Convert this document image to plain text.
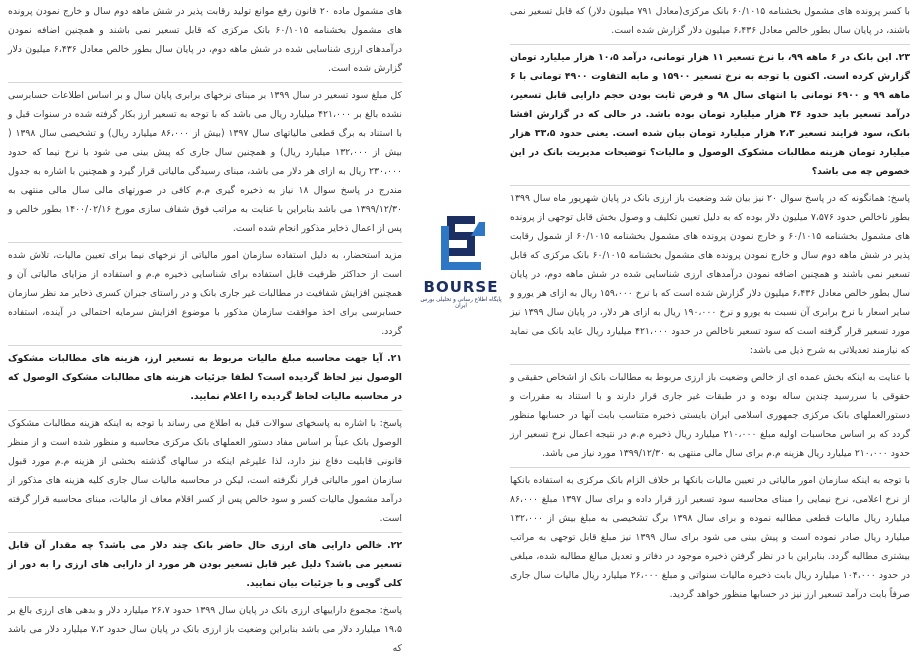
با کسر پرونده های مشمول بخشنامه ۶۰/۱۰۱۵ بانک مرکزی(معادل ۷۹۱ میلیون دلار) که قابل تسعیر نمی باشند، در پایان سال بطور خالص معادل ۶،۴۳۶ میلیون دلار گزارش شده است.

۲۳. این بانک در ۶ ماهه ۹۹، با نرخ تسعیر ۱۱ هزار تومانی، درآمد ۱۰،۵ هزار میلیارد تومان گزارش کرده است. اکنون با توجه به نرخ تسعیر ۱۵۹۰۰ و مابه التفاوت ۴۹۰۰ تومانی با ۶ ماهه ۹۹ و ۶۹۰۰ تومانی با انتهای سال ۹۸ و فرض ثابت بودن حجم دارایی قابل تسعیر، درآمد تسعیر باید حدود ۳۶ هزار میلیارد تومان بوده باشد. در حالی که در گزارش افشا بانک، سود فرایند تسعیر ۲،۳ هزار میلیارد تومان بیان شده است. یعنی حدود ۳۳،۵ هزار میلیارد تومان هزینه مطالبات مشکوک الوصول و مالیات؟ توضیحات مدیریت بانک در این خصوص چه می باشد؟

پاسخ: همانگونه که در پاسخ سوال ۲۰ نیز بیان شد وضعیت باز ارزی بانک در پایان شهریور ماه سال ۱۳۹۹ بطور ناخالص حدود ۷،۵۷۶ میلیون دلار بوده که به دلیل تعیین تکلیف و وصول بخش قابل توجهی از پرونده های مشمول بخشنامه ۶۰/۱۰۱۵ و خارج نمودن پرونده های مشمول بخشنامه ۶۰/۱۰۱۵ از شمول رقابت پذیر در شش ماهه دوم سال و خارج نمودن پرونده های مشمول بخشنامه ۶۰/۱۰۱۵ بانک مرکزی که قابل تسعیر نمی باشند و همچنین اضافه نمودن درآمدهای ارزی شناسایی شده در شش ماهه دوم، در پایان سال بطور خالص معادل ۶،۴۳۶ میلیون دلار گزارش شده است که با نرخ ۱۵۹،۰۰۰ ریال به ازای هر یورو و سایر اسعار با نرخ برابری آن نسبت به یورو و نرخ ۱۹۰،۰۰۰ ریال به ازای هر دلار، در پایان سال ۱۳۹۹ نیز مورد تسعیر قرار گرفته است که سود تسعیر ناخالص در حدود ۴۲۱،۰۰۰ میلیارد ریال عاید بانک می نماید که نیازمند تعدیلاتی به شرح ذیل می باشد:

با عنایت به اینکه بخش عمده ای از خالص وضعیت باز ارزی مربوط به مطالبات بانک از اشخاص حقیقی و حقوقی با سررسید چندین ساله بوده و در طبقات غیر جاری قرار دارند و با استناد به مقررات و دستورالعملهای بانک مرکزی جمهوری اسلامی ایران بایستی ذخیره متناسب بابت آنها در حسابها منظور گردد که بر اساس محاسبات اولیه مبلغ ۲۱۰،۰۰۰ میلیارد ریال ذخیره م.م در نتیجه اعمال نرخ تسعیر ارز حدود ۲۱۰،۰۰۰ میلیارد ریال هزینه م.م برای سال مالی منتهی به ۱۳۹۹/۱۲/۳۰ مورد نیاز می باشد.

با توجه به اینکه سازمان امور مالیاتی در تعیین مالیات بانکها بر خلاف الزام بانک مرکزی به استفاده بانکها از نرخ اعلامی، نرخ نیمایی را مبنای محاسبه سود تسعیر ارز قرار داده و برای سال ۱۳۹۷ مبلغ ۸۶،۰۰۰ میلیارد ریال مالیات قطعی مطالبه نموده و برای سال ۱۳۹۸ برگ تشخیصی به مبلغ بیش از ۱۳۲،۰۰۰ میلیارد ریال صادر نموده است و پیش بینی می شود برای سال ۱۳۹۹ نیز مبلغ قابل توجهی به مراتب بیشتری مطالبه گردد. بنابراین با در نظر گرفتن ذخیره موجود در دفاتر و تعدیل مبالغ مطالبه شده، مبلغی در حدود ۱۰۴،۰۰۰ میلیارد ریال بابت ذخیره مالیات سنواتی و مبلغ ۲۶،۰۰۰ میلیارد ریال مالیات سال جاری صرفاً بابت درآمد تسعیر ارز نیز در حسابها منظور خواهد گردید.

BOURSE
پایگاه اطلاع رسانی و تحلیلی بورس ایران

های مشمول ماده ۲۰ قانون رفع موانع تولید رقابت پذیر در شش ماهه دوم سال و خارج نمودن پرونده های مشمول بخشنامه ۶۰/۱۰۱۵ بانک مرکزی که قابل تسعیر نمی باشند و همچنین اضافه نمودن درآمدهای ارزی شناسایی شده در شش ماهه دوم، در پایان سال بطور خالص معادل ۶،۴۳۶ میلیون دلار گزارش شده است.

کل مبلغ سود تسعیر در سال ۱۳۹۹ بر مبنای نرخهای برابری پایان سال و بر اساس اطلاعات حسابرسی نشده بالغ بر ۴۲۱،۰۰۰ میلیارد ریال می باشد که با توجه به تسعیر ارز بکار گرفته شده در سنوات قبل و با استناد به برگ قطعی مالیاتهای سال ۱۳۹۷ (بیش از ۸۶،۰۰۰ میلیارد ریال) و تشخیصی سال ۱۳۹۸ ( بیش از ۱۳۲،۰۰۰ میلیارد ریال) و همچنین سال جاری که پیش بینی می شود با نرخ نیما که حدود ۲۳۰،۰۰۰ ریال به ازای هر دلار می باشد، مبنای رسیدگی مالیاتی قرار گیرد و همچنین با اشاره به جدول مندرج در پاسخ سوال ۱۸ نیاز به ذخیره گیری م.م کافی در صورتهای مالی سال مالی منتهی به ۱۳۹۹/۱۲/۳۰ می باشد بنابراین با عنایت به مراتب فوق شفاف سازی مورخ ۱۴۰۰/۰۲/۱۶ بطور خالص و پس از اعمال ذخایر مذکور انجام شده است.

مزید استحضار، به دلیل استفاده سازمان امور مالیاتی از نرخهای نیما برای تعیین مالیات، تلاش شده است از حداکثر ظرفیت قابل استفاده برای شناسایی ذخیره م.م و استفاده از مزایای مالیاتی آن و همچنین افزایش شفافیت در مطالبات غیر جاری بانک و در راستای جبران کسری ذخایر مد نظر سازمان حسابرسی برای اخذ موافقت سازمان مذکور با موضوع افزایش سرمایه احتمالی در آینده، استفاده گردد.

۲۱. آیا جهت محاسبه مبلغ مالیات مربوط به تسعیر ارز، هزینه های مطالبات مشکوک الوصول نیز لحاظ گردیده است؟ لطفا جزئیات هزینه های مطالبات مشکوک الوصول که در محاسبه مالیات لحاظ گردیده را اعلام نمایید.

پاسخ: با اشاره به پاسخهای سوالات قبل به اطلاع می رساند با توجه به اینکه هزینه مطالبات مشکوک الوصول بانک عیناً بر اساس مفاد دستور العملهای بانک مرکزی محاسبه و منظور شده است و از منظر قانونی قابلیت دفاع نیز دارد، لذا علیرغم اینکه در سالهای گذشته بخشی از هزینه م.م مورد قبول سازمان امور مالیاتی قرار نگرفته است، لیکن در محاسبه مالیات سال جاری کلیه هزینه های مذکور از درآمد مشمول مالیات کسر و سود خالص پس از کسر اقلام معاف از مالیات، مبنای محاسبه قرار گرفته است.

۲۲. خالص دارایی های ارزی حال حاضر بانک چند دلار می باشد؟ چه مقدار آن قابل تسعیر می باشد؟ دلیل غیر قابل تسعیر بودن هر مورد از دارایی های ارزی را به دور از کلی گویی و با جزئیات بیان نمایید.

پاسخ: مجموع داراییهای ارزی بانک در پایان سال ۱۳۹۹ حدود ۲۶،۷ میلیارد دلار و بدهی های ارزی بالغ بر ۱۹،۵ میلیارد دلار می باشد بنابراین وضعیت باز ارزی بانک در پایان سال حدود ۷،۲ میلیارد دلار می باشد که
